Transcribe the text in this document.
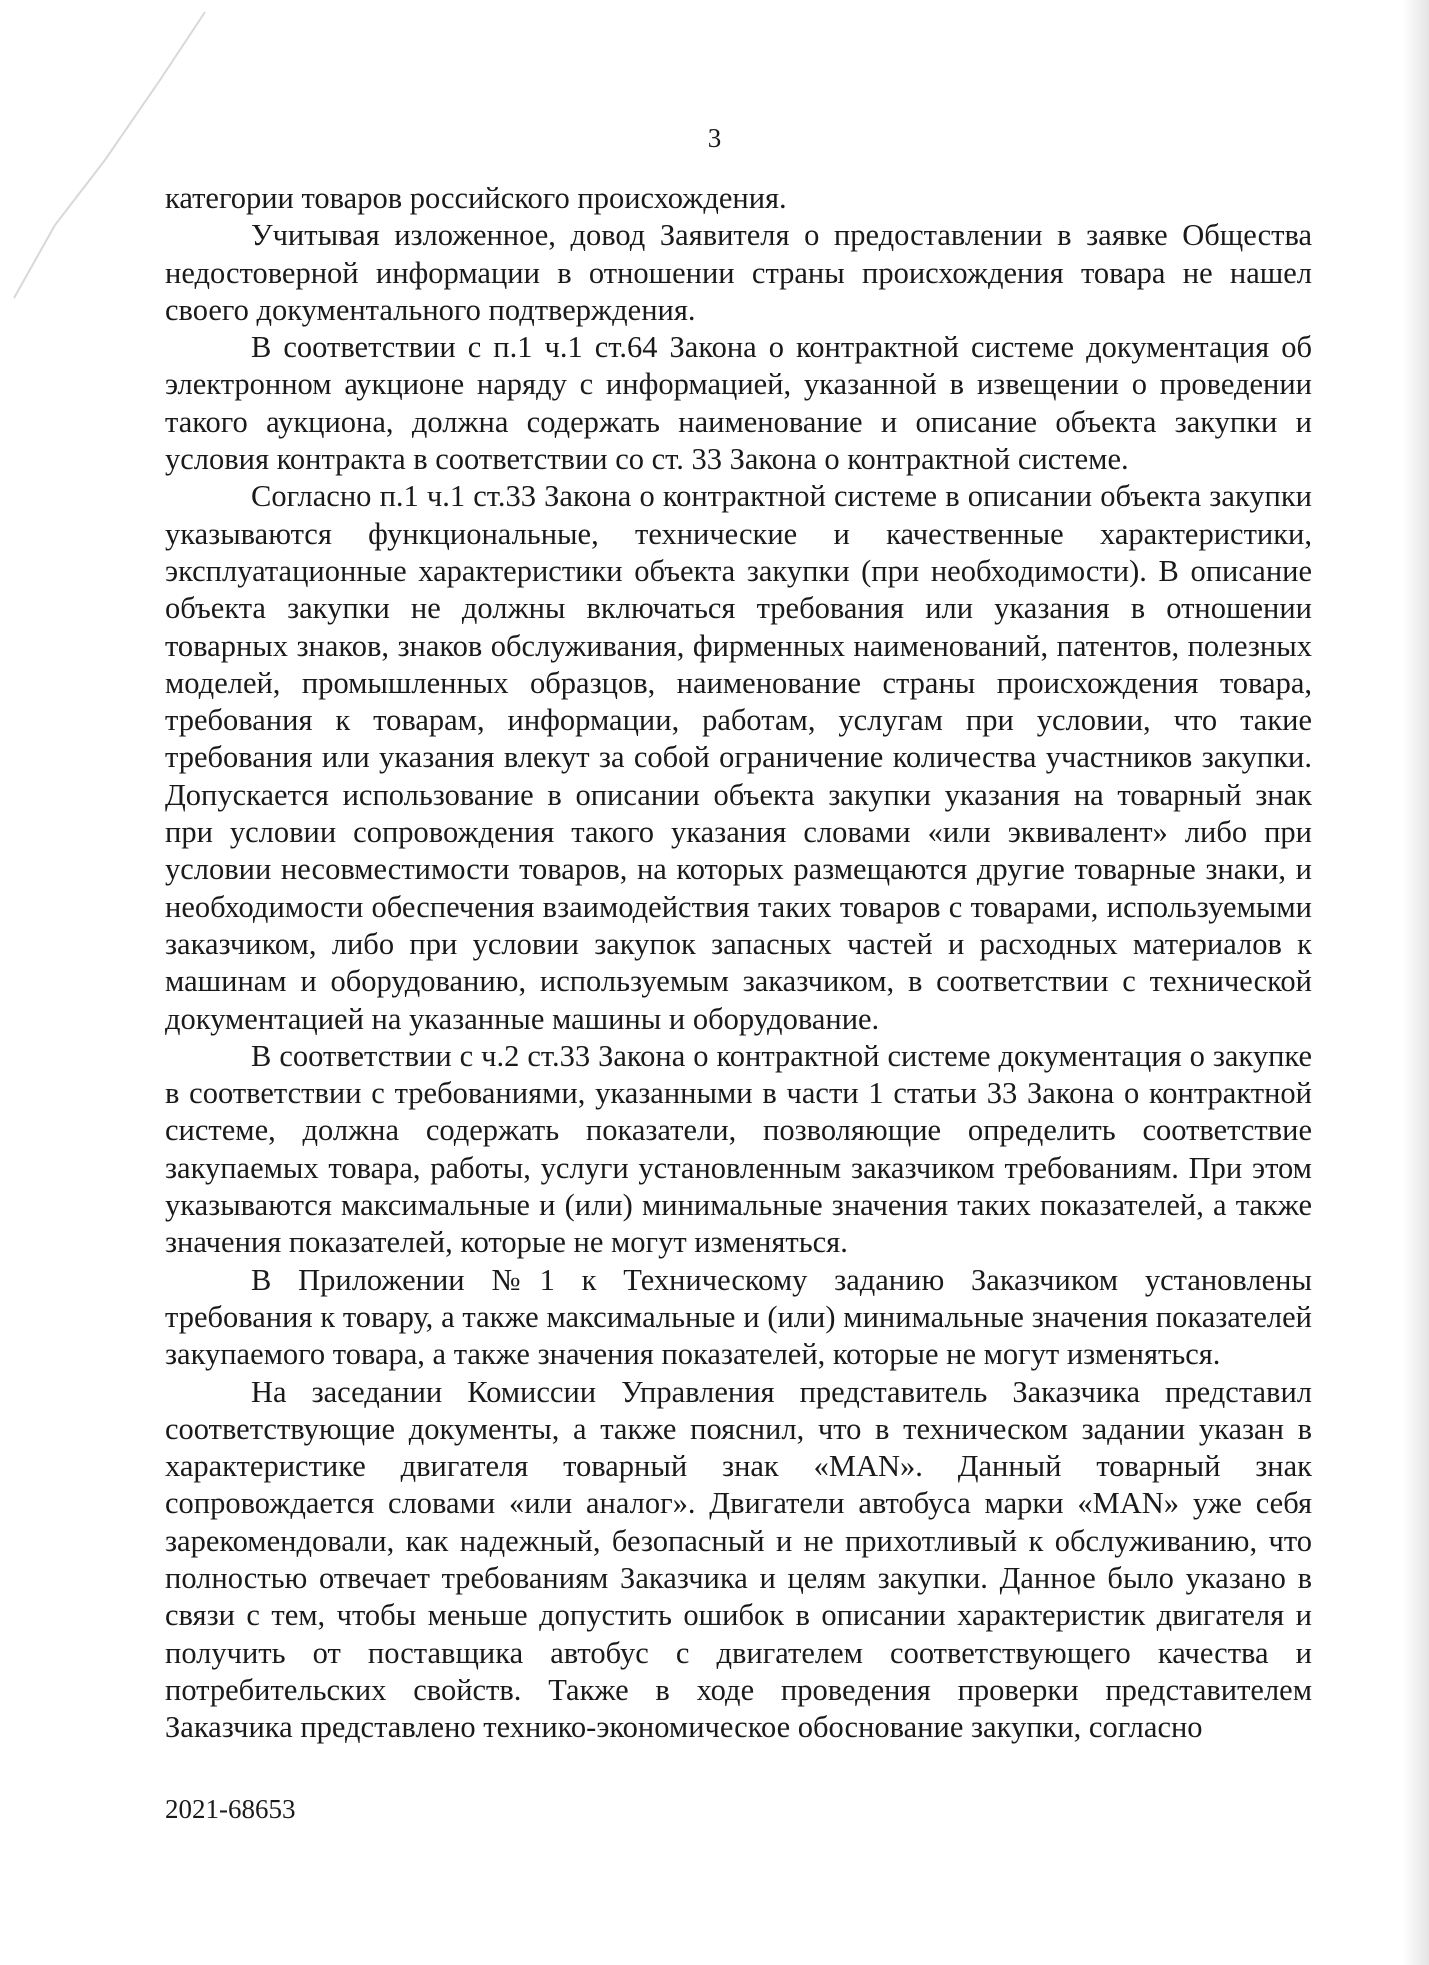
3

категории товаров российского происхождения.

Учитывая изложенное, довод Заявителя о предоставлении в заявке Общества недостоверной информации в отношении страны происхождения товара не нашел своего документального подтверждения.

В соответствии с п.1 ч.1 ст.64 Закона о контрактной системе документация об электронном аукционе наряду с информацией, указанной в извещении о проведении такого аукциона, должна содержать наименование и описание объекта закупки и условия контракта в соответствии со ст. 33 Закона о контрактной системе.

Согласно п.1 ч.1 ст.33 Закона о контрактной системе в описании объекта закупки указываются функциональные, технические и качественные характеристики, эксплуатационные характеристики объекта закупки (при необходимости). В описание объекта закупки не должны включаться требования или указания в отношении товарных знаков, знаков обслуживания, фирменных наименований, патентов, полезных моделей, промышленных образцов, наименование страны происхождения товара, требования к товарам, информации, работам, услугам при условии, что такие требования или указания влекут за собой ограничение количества участников закупки. Допускается использование в описании объекта закупки указания на товарный знак при условии сопровождения такого указания словами «или эквивалент» либо при условии несовместимости товаров, на которых размещаются другие товарные знаки, и необходимости обеспечения взаимодействия таких товаров с товарами, используемыми заказчиком, либо при условии закупок запасных частей и расходных материалов к машинам и оборудованию, используемым заказчиком, в соответствии с технической документацией на указанные машины и оборудование.

В соответствии с ч.2 ст.33 Закона о контрактной системе документация о закупке в соответствии с требованиями, указанными в части 1 статьи 33 Закона о контрактной системе, должна содержать показатели, позволяющие определить соответствие закупаемых товара, работы, услуги установленным заказчиком требованиям. При этом указываются максимальные и (или) минимальные значения таких показателей, а также значения показателей, которые не могут изменяться.

В Приложении №1 к Техническому заданию Заказчиком установлены требования к товару, а также максимальные и (или) минимальные значения показателей закупаемого товара, а также значения показателей, которые не могут изменяться.

На заседании Комиссии Управления представитель Заказчика представил соответствующие документы, а также пояснил, что в техническом задании указан в характеристике двигателя товарный знак «MAN». Данный товарный знак сопровождается словами «или аналог». Двигатели автобуса марки «MAN» уже себя зарекомендовали, как надежный, безопасный и не прихотливый к обслуживанию, что полностью отвечает требованиям Заказчика и целям закупки. Данное было указано в связи с тем, чтобы меньше допустить ошибок в описании характеристик двигателя и получить от поставщика автобус с двигателем соответствующего качества и потребительских свойств. Также в ходе проведения проверки представителем Заказчика представлено технико-экономическое обоснование закупки, согласно

2021-68653
